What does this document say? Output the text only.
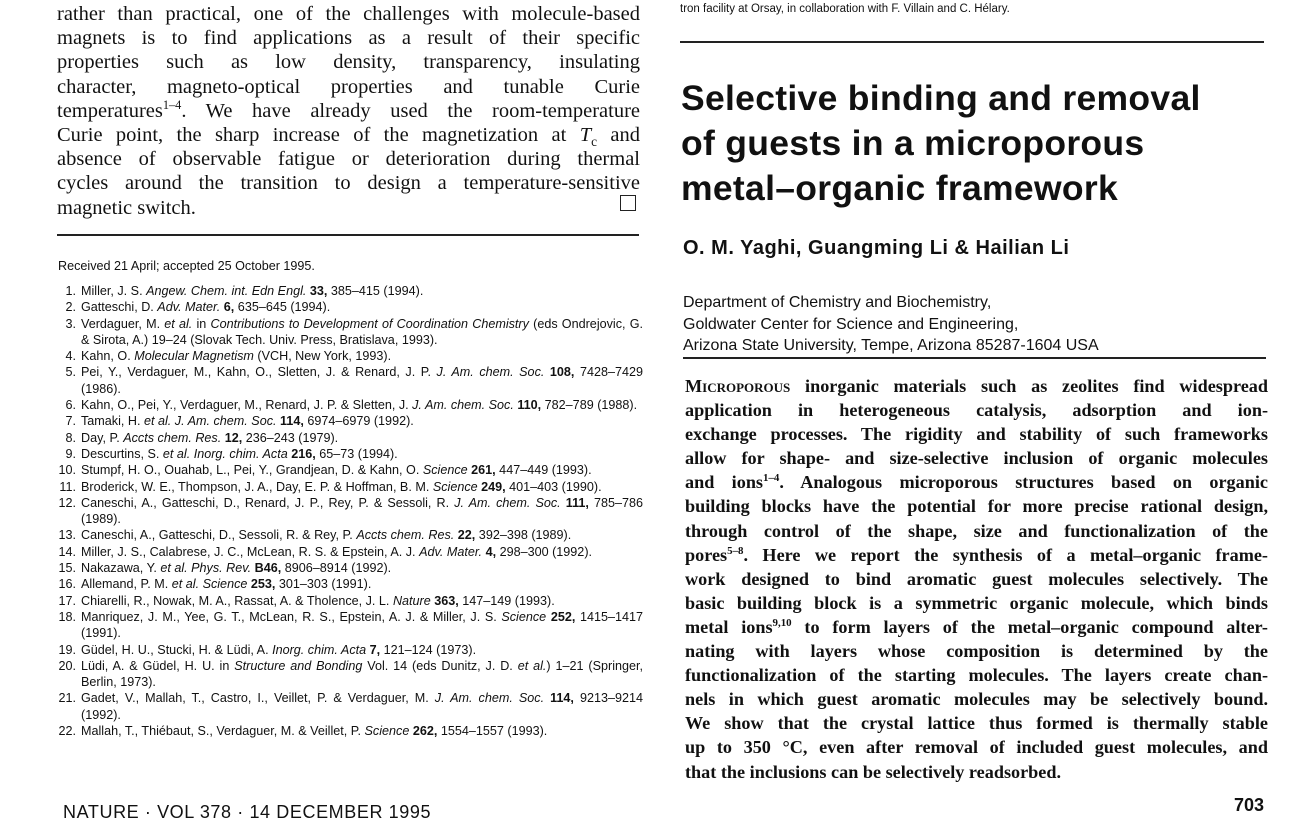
rather than practical, one of the challenges with molecule-based
magnets is to find applications as a result of their specific
properties such as low density, transparency, insulating
character, magneto-optical properties and tunable Curie
temperatures$^{1-4}$. We have already used the room-temperature
Curie point, the sharp increase of the magnetization at $T_c$ and
absence of observable fatigue or deterioration during thermal
cycles around the transition to design a temperature-sensitive
magnetic switch.
Received 21 April; accepted 25 October 1995.
1. Miller, J. S. Angew. Chem. int. Edn Engl. 33, 385–415 (1994).
2. Gatteschi, D. Adv. Mater. 6, 635–645 (1994).
3. Verdaguer, M. et al. in Contributions to Development of Coordination Chemistry (eds Ondrejovic, G. & Sirota, A.) 19–24 (Slovak Tech. Univ. Press, Bratislava, 1993).
4. Kahn, O. Molecular Magnetism (VCH, New York, 1993).
5. Pei, Y., Verdaguer, M., Kahn, O., Sletten, J. & Renard, J. P. J. Am. chem. Soc. 108, 7428–7429 (1986).
6. Kahn, O., Pei, Y., Verdaguer, M., Renard, J. P. & Sletten, J. J. Am. chem. Soc. 110, 782–789 (1988).
7. Tamaki, H. et al. J. Am. chem. Soc. 114, 6974–6979 (1992).
8. Day, P. Accts chem. Res. 12, 236–243 (1979).
9. Descurtins, S. et al. Inorg. chim. Acta 216, 65–73 (1994).
10. Stumpf, H. O., Ouahab, L., Pei, Y., Grandjean, D. & Kahn, O. Science 261, 447–449 (1993).
11. Broderick, W. E., Thompson, J. A., Day, E. P. & Hoffman, B. M. Science 249, 401–403 (1990).
12. Caneschi, A., Gatteschi, D., Renard, J. P., Rey, P. & Sessoli, R. J. Am. chem. Soc. 111, 785–786 (1989).
13. Caneschi, A., Gatteschi, D., Sessoli, R. & Rey, P. Accts chem. Res. 22, 392–398 (1989).
14. Miller, J. S., Calabrese, J. C., McLean, R. S. & Epstein, A. J. Adv. Mater. 4, 298–300 (1992).
15. Nakazawa, Y. et al. Phys. Rev. B46, 8906–8914 (1992).
16. Allemand, P. M. et al. Science 253, 301–303 (1991).
17. Chiarelli, R., Nowak, M. A., Rassat, A. & Tholence, J. L. Nature 363, 147–149 (1993).
18. Manriquez, J. M., Yee, G. T., McLean, R. S., Epstein, A. J. & Miller, J. S. Science 252, 1415–1417 (1991).
19. Güdel, H. U., Stucki, H. & Lüdi, A. Inorg. chim. Acta 7, 121–124 (1973).
20. Lüdi, A. & Güdel, H. U. in Structure and Bonding Vol. 14 (eds Dunitz, J. D. et al.) 1–21 (Springer, Berlin, 1973).
21. Gadet, V., Mallah, T., Castro, I., Veillet, P. & Verdaguer, M. J. Am. chem. Soc. 114, 9213–9214 (1992).
22. Mallah, T., Thiébaut, S., Verdaguer, M. & Veillet, P. Science 262, 1554–1557 (1993).
NATURE · VOL 378 · 14 DECEMBER 1995
tron facility at Orsay, in collaboration with F. Villain and C. Hélary.
Selective binding and removal
of guests in a microporous
metal–organic framework
O. M. Yaghi, Guangming Li & Hailian Li
Department of Chemistry and Biochemistry,
Goldwater Center for Science and Engineering,
Arizona State University, Tempe, Arizona 85287-1604 USA
Microporous inorganic materials such as zeolites find widespread
application in heterogeneous catalysis, adsorption and ion-
exchange processes. The rigidity and stability of such frameworks
allow for shape- and size-selective inclusion of organic molecules
and ions$^{1-4}$. Analogous microporous structures based on organic
building blocks have the potential for more precise rational design,
through control of the shape, size and functionalization of the
pores$^{5-8}$. Here we report the synthesis of a metal–organic frame-
work designed to bind aromatic guest molecules selectively. The
basic building block is a symmetric organic molecule, which binds
metal ions$^{9,10}$ to form layers of the metal–organic compound alter-
nating with layers whose composition is determined by the
functionalization of the starting molecules. The layers create chan-
nels in which guest aromatic molecules may be selectively bound.
We show that the crystal lattice thus formed is thermally stable
up to 350 °C, even after removal of included guest molecules, and
that the inclusions can be selectively readsorbed.
703
